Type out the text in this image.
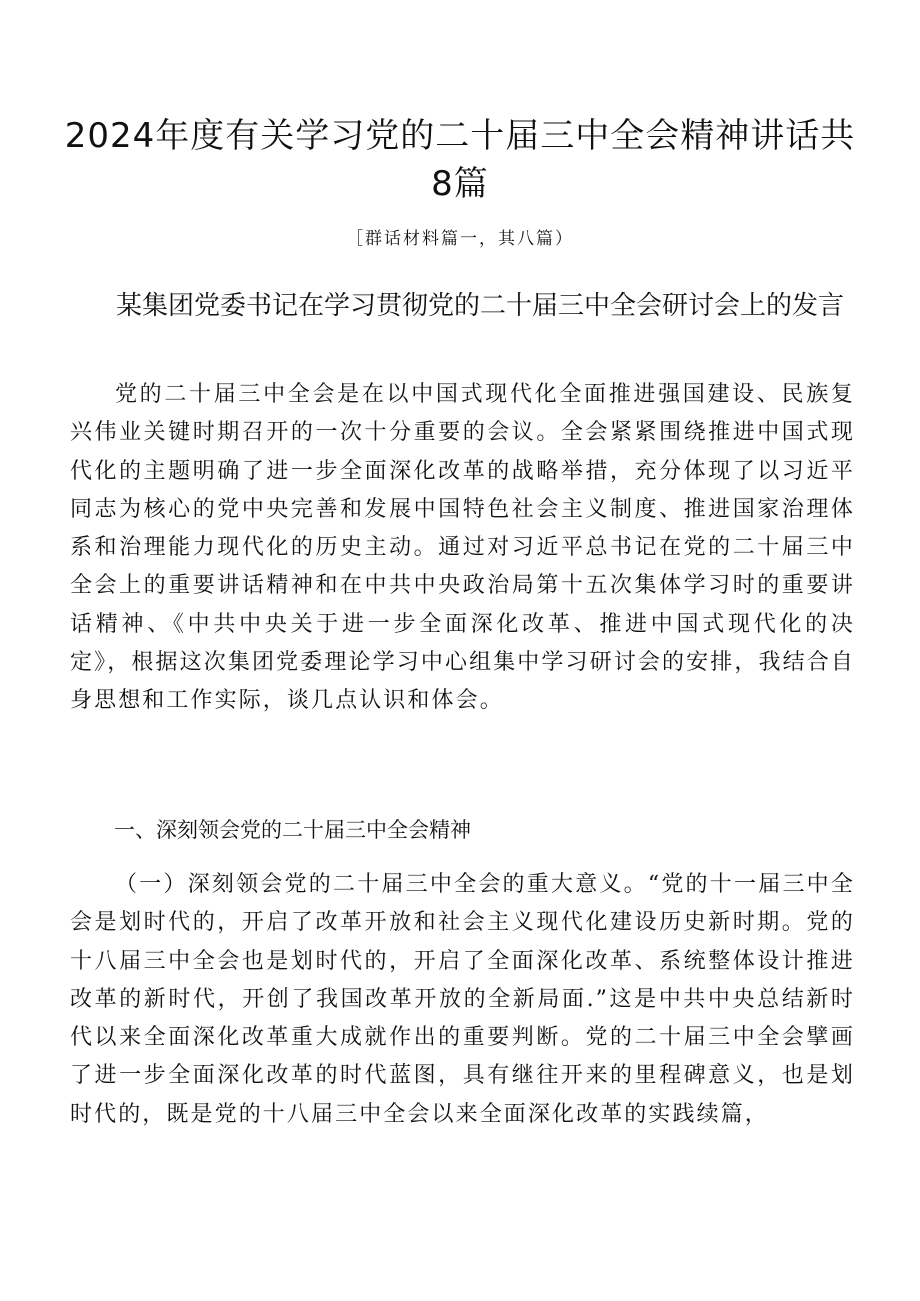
2024年度有关学习党的二十届三中全会精神讲话共8篇

［群话材料篇一，其八篇）

某集团党委书记在学习贯彻党的二十届三中全会研讨会上的发言

党的二十届三中全会是在以中国式现代化全面推进强国建设、民族复兴伟业关键时期召开的一次十分重要的会议。全会紧紧围绕推进中国式现代化的主题明确了进一步全面深化改革的战略举措，充分体现了以习近平同志为核心的党中央完善和发展中国特色社会主义制度、推进国家治理体系和治理能力现代化的历史主动。通过对习近平总书记在党的二十届三中全会上的重要讲话精神和在中共中央政治局第十五次集体学习时的重要讲话精神、《中共中央关于进一步全面深化改革、推进中国式现代化的决定》，根据这次集团党委理论学习中心组集中学习研讨会的安排，我结合自身思想和工作实际，谈几点认识和体会。

一、深刻领会党的二十届三中全会精神

（一）深刻领会党的二十届三中全会的重大意义。“党的十一届三中全会是划时代的，开启了改革开放和社会主义现代化建设历史新时期。党的十八届三中全会也是划时代的，开启了全面深化改革、系统整体设计推进改革的新时代，开创了我国改革开放的全新局面.”这是中共中央总结新时代以来全面深化改革重大成就作出的重要判断。党的二十届三中全会擘画了进一步全面深化改革的时代蓝图，具有继往开来的里程碑意义，也是划时代的，既是党的十八届三中全会以来全面深化改革的实践续篇，
